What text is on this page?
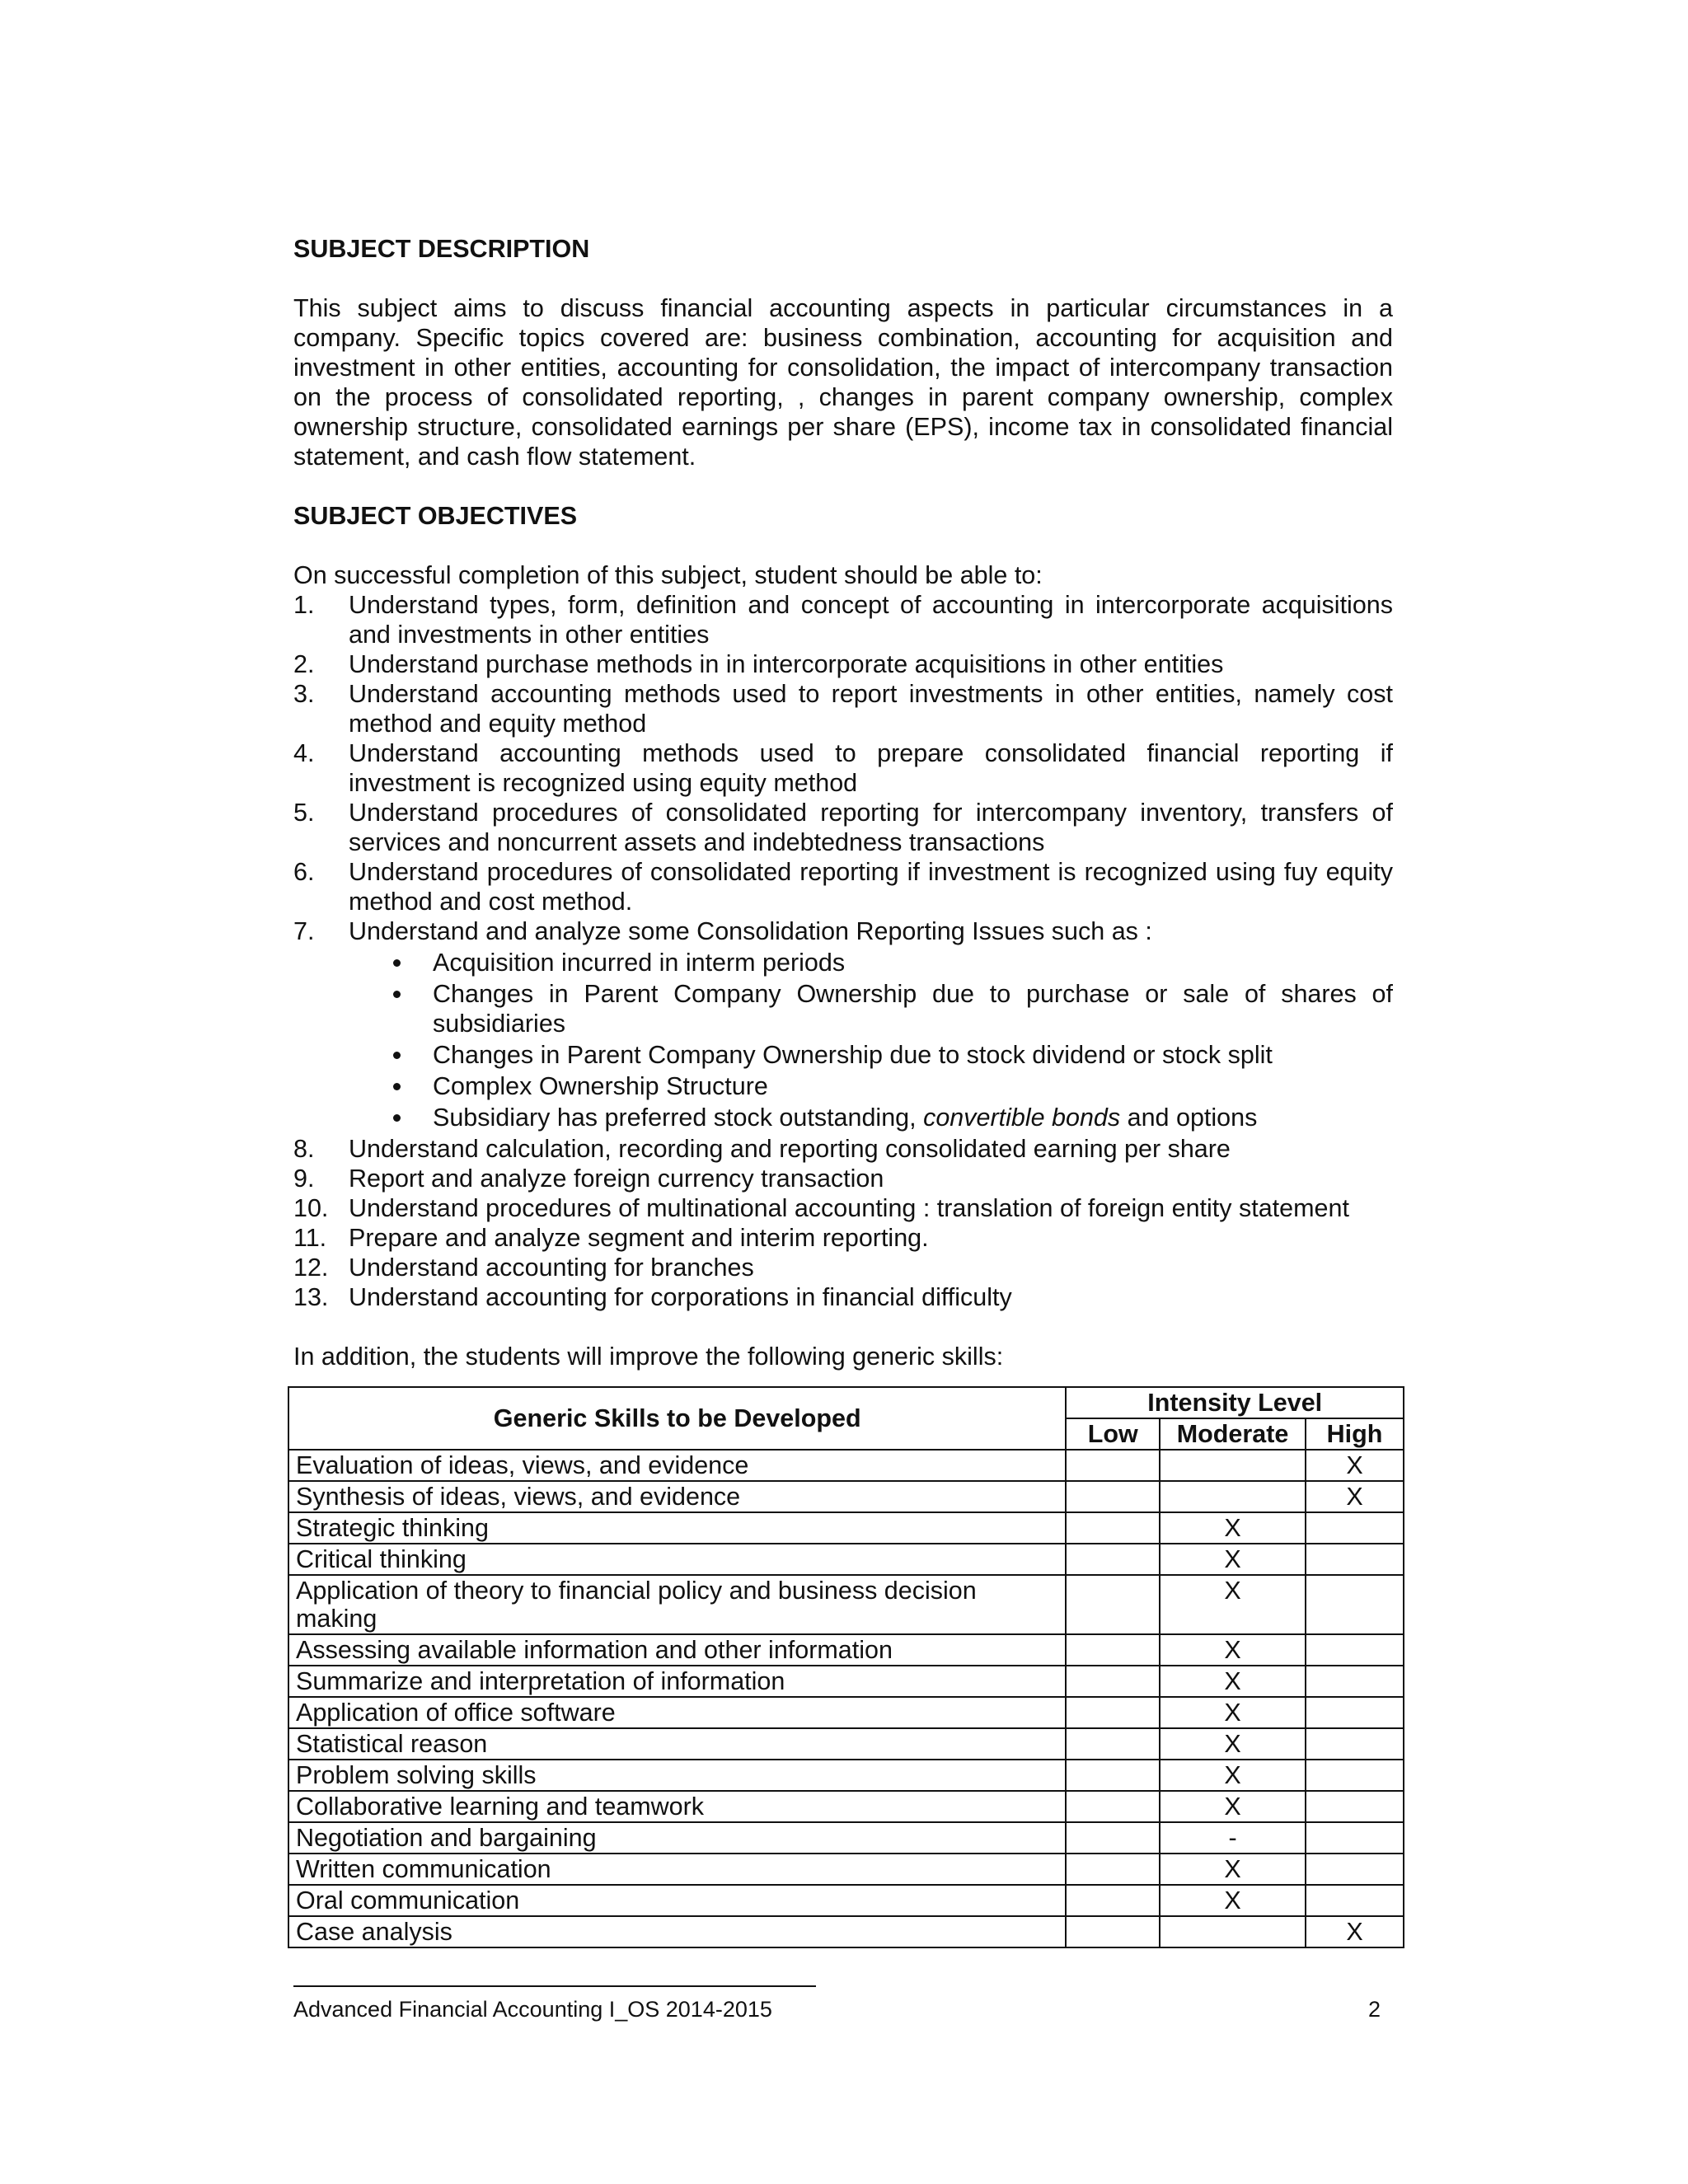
SUBJECT DESCRIPTION

This subject aims to discuss financial accounting aspects in particular circumstances in a company. Specific topics covered are: business combination, accounting for acquisition and investment in other entities, accounting for consolidation, the impact of intercompany transaction on the process of consolidated reporting, , changes in parent company ownership, complex ownership structure, consolidated earnings per share (EPS), income tax in consolidated financial statement, and cash flow statement.

SUBJECT OBJECTIVES

On successful completion of this subject, student should be able to:

1. Understand types, form, definition and concept of accounting in intercorporate acquisitions and investments in other entities
2. Understand purchase methods in in intercorporate acquisitions in other entities
3. Understand accounting methods used to report investments in other entities, namely cost method and equity method
4. Understand accounting methods used to prepare consolidated financial reporting if investment is recognized using equity method
5. Understand procedures of consolidated reporting for intercompany inventory, transfers of services and noncurrent assets and indebtedness transactions
6. Understand procedures of consolidated reporting if investment is recognized using fuy equity method and cost method.
7. Understand and analyze some Consolidation Reporting Issues such as :
Acquisition incurred in interm periods
Changes in Parent Company Ownership due to purchase or sale of shares of subsidiaries
Changes in Parent Company Ownership due to stock dividend or stock split
Complex Ownership Structure
Subsidiary has preferred stock outstanding, convertible bonds and options
8. Understand calculation, recording and reporting consolidated earning per share
9. Report and analyze foreign currency transaction
10. Understand procedures of multinational accounting : translation of foreign entity statement
11. Prepare and analyze segment and interim reporting.
12. Understand accounting for branches
13. Understand accounting for corporations in financial difficulty

In addition, the students will improve the following generic skills:

Generic Skills to be Developed	Intensity Level		
	Low	Moderate	High
Evaluation of ideas, views, and evidence			X
Synthesis of ideas, views, and evidence			X
Strategic thinking		X	
Critical thinking		X	
Application of theory to financial policy and business decision making		X	
Assessing available information and other information		X	
Summarize and interpretation of information		X	
Application of office software		X	
Statistical reason		X	
Problem solving skills		X	
Collaborative learning and teamwork		X	
Negotiation and bargaining		-	
Written communication		X	
Oral communication		X	
Case analysis			X
Advanced Financial Accounting I_OS 2014-2015	2
